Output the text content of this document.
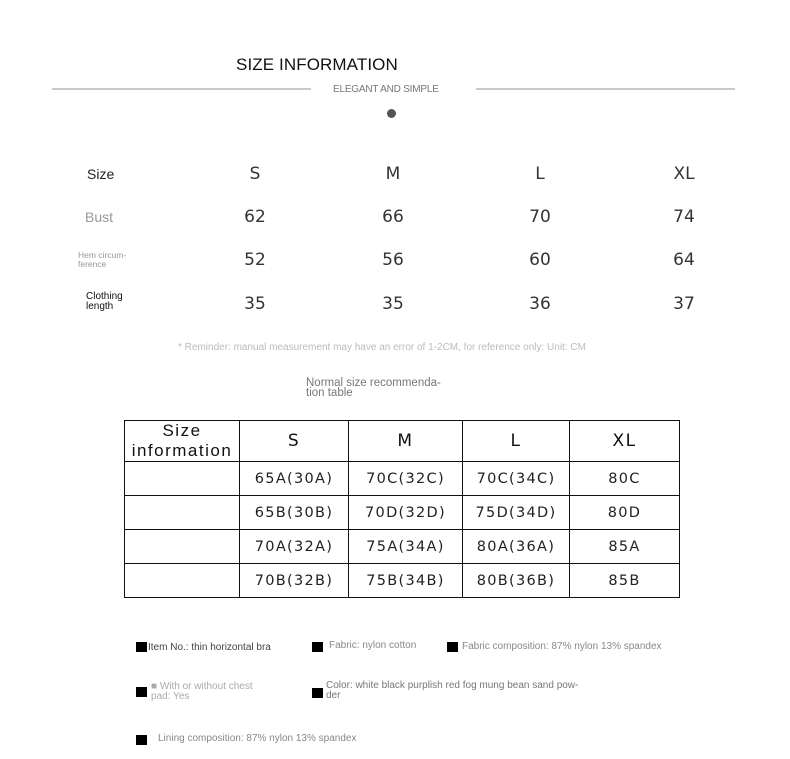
SIZE INFORMATION
ELEGANT AND SIMPLE
Size	S	M	L	XL
Bust	62	66	70	74
Hem circum-
ference	52	56	60	64
Clothing
length	35	35	36	37
* Reminder: manual measurement may have an error of 1-2CM, for reference only: Unit: CM
Normal size recommenda-
tion table
Size information	S	M	L	XL
	65A(30A)	70C(32C)	70C(34C)	80C
	65B(30B)	70D(32D)	75D(34D)	80D
	70A(32A)	75A(34A)	80A(36A)	85A
	70B(32B)	75B(34B)	80B(36B)	85B
Item No.: thin horizontal bra	Fabric: nylon cotton	Fabric composition: 87% nylon 13% spandex
■ With or without chest
pad: Yes
Color: white black purplish red fog mung bean sand pow-
der
Lining composition: 87% nylon 13% spandex
